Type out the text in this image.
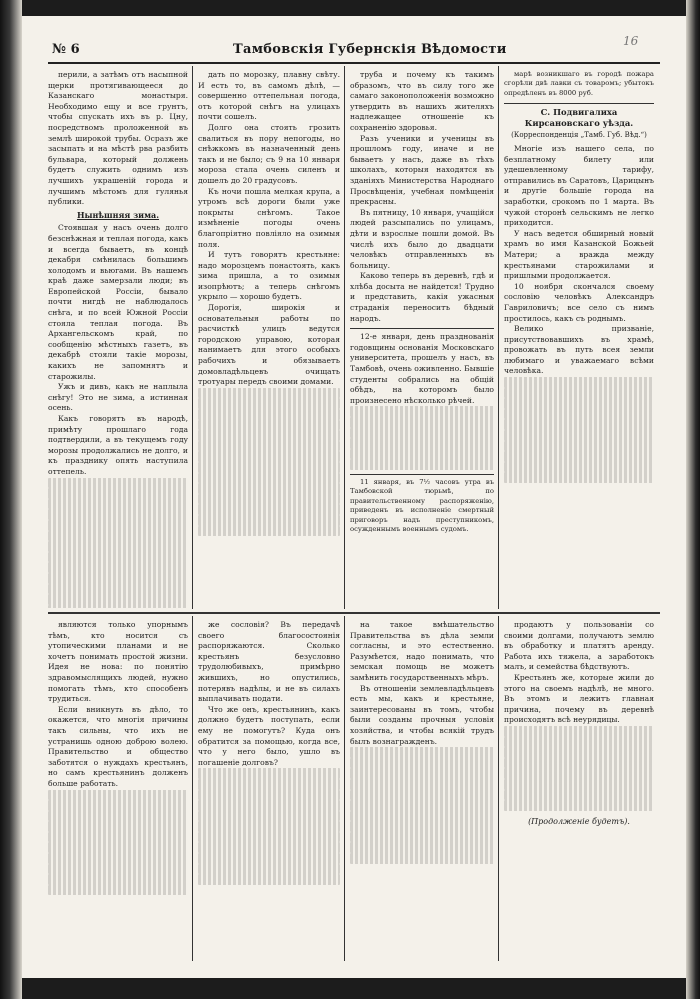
№ 6	Тамбовскія Губернскія Вѣдомости
16

перили, а затѣмъ отъ насыпной щерки протягивающееся до Казанскаго монастыря. Необходимо ещу и все грунтъ, чтобы спускать ихъ въ р. Цну, посредствомъ проложенной въ землѣ широкой трубы. Осразъ же засыпать и на мѣстѣ рва разбить бульвара, который должень будетъ служить однимъ изъ лучшихъ украшеній города и лучшимъ мѣстомъ для гулянья публики.

Нынѣшняя зима.

Стоявшая у насъ очень долго безснѣжная и теплая погода, какъ и всегда бываетъ, въ концѣ декабря смѣнилась большимъ холодомъ и вьюгами. Въ нашемъ краѣ даже замерзали люди; въ Европейской Россіи, бывало почти нигдѣ не наблюдалось снѣга, и по всей Южной Россіи стояла теплая погода. Въ Архангельскомъ край, по сообщенію мѣстныхъ газетъ, въ декабрѣ стояли такіе морозы, какихъ не запомнятъ и старожилы.

Ужъ и дивъ, какъ не наплыла снѣгу! Это не зима, а истинная осень.

Какъ говорятъ въ народѣ, примѣту прошлаго года подтвердили, а въ текущемъ году морозы продолжались не долго, и къ празднику опять наступила оттепель.

дать по морозку, плавну свѣту. И есть то, въ самомъ дѣлѣ, — совершенно оттепельная погода, отъ которой снѣгъ на улицахъ почти сошелъ.

Долго она стоять грозить свалиться въ пору непогоды, но снѣжкомъ въ назначенный день такъ и не было; съ 9 на 10 января мороза стала очень силенъ и дошелъ до 20 градусовъ.

Къ ночи пошла мелкая крупа, а утромъ всѣ дороги были уже покрыты снѣгомъ. Такое измѣненіе погоды очень благопріятно повліяло на озимыя поля.

И тутъ говорятъ крестьяне: надо морозцемъ понастоять, какъ зима пришла, а то озимыя изопрѣютъ; а теперь снѣгомъ укрыло — хорошо будетъ.

Дорогія, широкія и основательныя работы по расчисткѣ улицъ ведутся городскою управою, которая нанимаетъ для этого особыхъ рабочихъ и обязываетъ домовладѣльцевъ очищать тротуары передъ своими домами.

труба и почему къ такимъ образомъ, что въ силу того же самаго законоположенія возможно утвердить въ нашихъ жителяхъ надлежащее отношеніе къ сохраненію здоровья.

Разъ ученики и ученицы въ прошломъ году, иначе и не бываетъ у насъ, даже въ тѣхъ школахъ, которыя находятся въ зданіяхъ Министерства Народнаго Просвѣщенія, учебная помѣщенія прекрасны.

Въ пятницу, 10 января, учащійся людей разсыпались по улицамъ, дѣти и взрослые пошли домой. Въ числѣ ихъ было до двадцати человѣкъ отправленныхъ въ больницу.

Каково теперь въ деревнѣ, гдѣ и хлѣба досыта не найдется! Трудно и представить, какія ужасныя страданія переноситъ бѣдный народъ.

12-е января, день празднованія годовщины основанія Московскаго университета, прошелъ у насъ, въ Тамбовѣ, очень оживленно. Бывшіе студенты собрались на общій обѣдъ, на которомъ было произнесено нѣсколько рѣчей.

11 января, въ 7½ часовъ утра въ Тамбовской тюрьмѣ, по правительственному распоряженію, приведенъ въ исполненіе смертный приговоръ надъ преступникомъ, осужденнымъ военнымъ судомъ.

марѣ возникшаго въ городѣ пожара сгорѣли двѣ лавки съ товаромъ; убытокъ опредѣленъ въ 8000 руб.

С. Подвигалиха Кирсановскаго уѣзда.
(Корреспонденція „Тамб. Губ. Вѣд.“)

Многіе изъ нашего села, по безплатному билету или удешевленному тарифу, отправились въ Саратовъ, Царицынъ и другіе большіе города на заработки, срокомъ по 1 марта. Въ чужой сторонѣ сельскимъ не легко приходится.

У насъ ведется обширный новый храмъ во имя Казанской Божьей Матери; а вражда между крестьянами старожилами и пришлыми продолжается.

10 ноября скончался своему сословію человѣкъ Александръ Гавриловичъ; все село съ нимъ простилось, какъ съ роднымъ.

Велико призваніе, присутствовавшихъ въ храмѣ, провожать въ путь всея земли любимаго и уважаемаго всѣми человѣка.

являются только упорнымъ тѣмъ, кто носится съ утопическими планами и не хочетъ понимать простой жизни. Идея не нова: по понятію здравомыслящихъ людей, нужно помогать тѣмъ, кто способенъ трудиться.

Если вникнуть въ дѣло, то окажется, что многія причины такъ сильны, что ихъ не устранишь одною доброю волею. Правительство и общество заботятся о нуждахъ крестьянъ, но самъ крестьянинъ долженъ больше работать.

же сословія? Въ передачѣ своего благосостоянія распоряжаются. Сколько крестьянъ безусловно трудолюбивыхъ, примѣрно жившихъ, но опустились, потерявъ надѣлы, и не въ силахъ выплачивать подати.

Что же онъ, крестьянинъ, какъ должно будетъ поступать, если ему не помогутъ? Куда онъ обратится за помощью, когда все, что у него было, ушло въ погашеніе долговъ?

на такое вмѣшательство Правительства въ дѣла земли согласны, и это естественно. Разумѣется, надо понимать, что земская помощь не можетъ замѣнить государственныхъ мѣръ.

Въ отношеніи землевладѣльцевъ есть мы, какъ и крестьяне, заинтересованы въ томъ, чтобы были созданы прочныя условія хозяйства, и чтобы всякій трудъ былъ вознагражденъ.

продаютъ у пользованіи со своими долгами, получаютъ землю въ обработку и платятъ аренду. Работа ихъ тяжела, а заработокъ малъ, и семейства бѣдствуютъ.

Крестьянъ же, которые жили до этого на своемъ надѣлѣ, не много. Въ этомъ и лежитъ главная причина, почему въ деревнѣ происходятъ всѣ неурядицы.

(Продолженіе будетъ).
